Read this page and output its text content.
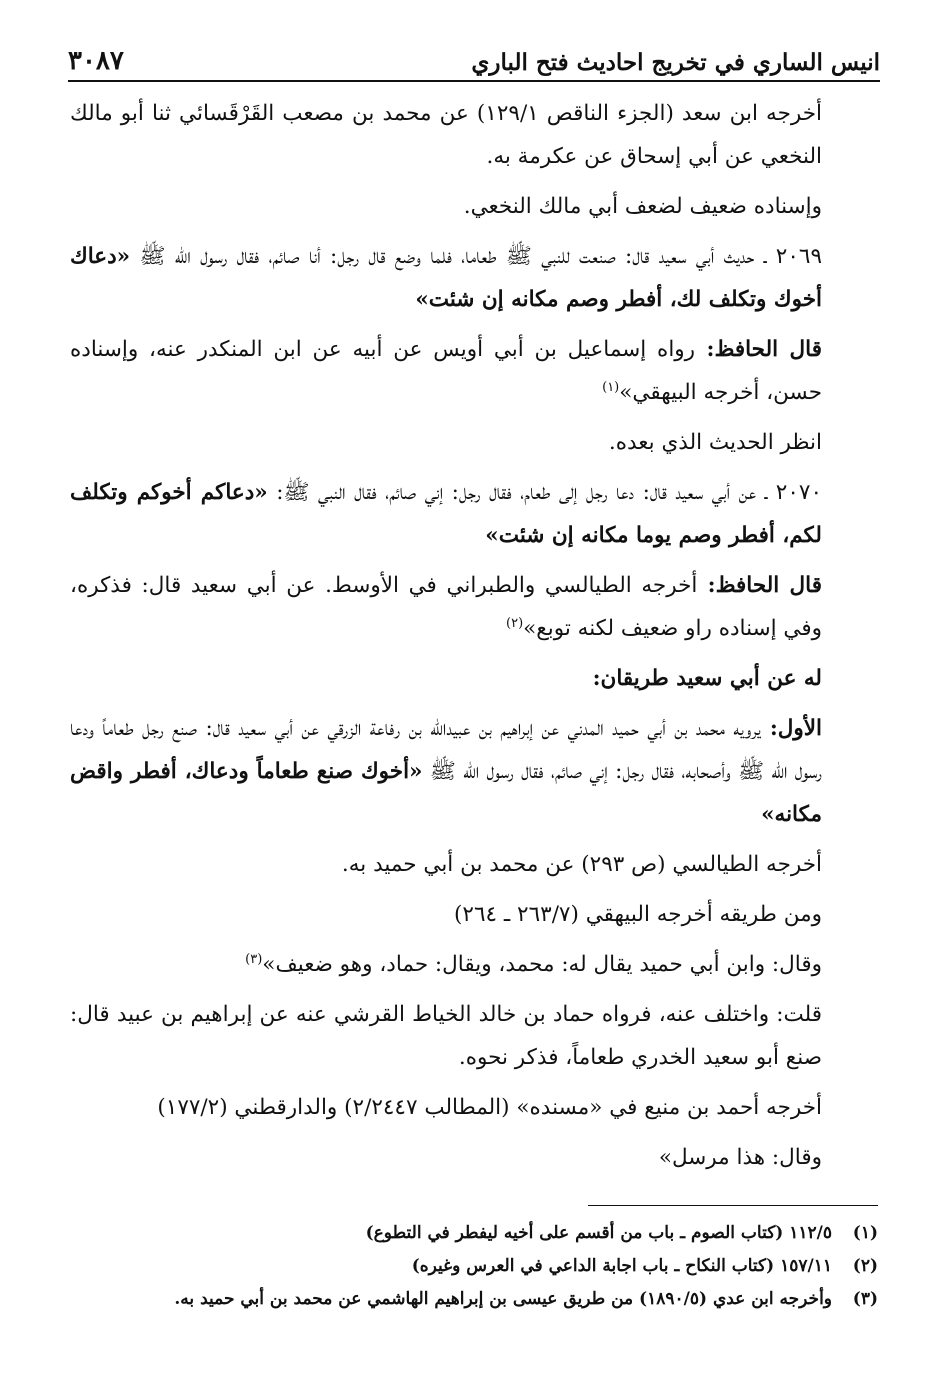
انيس الساري في تخريج احاديث فتح الباري
٣٠٨٧

أخرجه ابن سعد (الجزء الناقص ١٢٩/١) عن محمد بن مصعب القَرْقَسائي ثنا أبو مالك النخعي عن أبي إسحاق عن عكرمة به.

وإسناده ضعيف لضعف أبي مالك النخعي.

٢٠٦٩ ـ حديث أبي سعيد قال: صنعت للنبي ﷺ طعاما، فلما وضع قال رجل: أنا صائم، فقال رسول الله ﷺ «دعاك أخوك وتكلف لك، أفطر وصم مكانه إن شئت»

قال الحافظ: رواه إسماعيل بن أبي أويس عن أبيه عن ابن المنكدر عنه، وإسناده حسن، أخرجه البيهقي»$^{(١)}$

انظر الحديث الذي بعده.

٢٠٧٠ ـ عن أبي سعيد قال: دعا رجل إلى طعام، فقال رجل: إني صائم، فقال النبي ﷺ: «دعاكم أخوكم وتكلف لكم، أفطر وصم يوما مكانه إن شئت»

قال الحافظ: أخرجه الطيالسي والطبراني في الأوسط. عن أبي سعيد قال: فذكره، وفي إسناده راو ضعيف لكنه توبع»$^{(٢)}$

له عن أبي سعيد طريقان:

الأول: يرويه محمد بن أبي حميد المدني عن إبراهيم بن عبيدالله بن رفاعة الزرقي عن أبي سعيد قال: صنع رجل طعاماً ودعا رسول الله ﷺ وأصحابه، فقال رجل: إني صائم، فقال رسول الله ﷺ «أخوك صنع طعاماً ودعاك، أفطر واقض مكانه»

أخرجه الطيالسي (ص ٢٩٣) عن محمد بن أبي حميد به.

ومن طريقه أخرجه البيهقي (٢٦٣/٧ ـ ٢٦٤)

وقال: وابن أبي حميد يقال له: محمد، ويقال: حماد، وهو ضعيف»$^{(٣)}$

قلت: واختلف عنه، فرواه حماد بن خالد الخياط القرشي عنه عن إبراهيم بن عبيد قال: صنع أبو سعيد الخدري طعاماً، فذكر نحوه.

أخرجه أحمد بن منيع في «مسنده» (المطالب ٢/٢٤٤٧) والدارقطني (١٧٧/٢)

وقال: هذا مرسل»

(١)
١١٢/٥ (كتاب الصوم ـ باب من أقسم على أخيه ليفطر في التطوع)
(٢)
١٥٧/١١ (كتاب النكاح ـ باب اجابة الداعي في العرس وغيره)
(٣)
وأخرجه ابن عدي (١٨٩٠/٥) من طريق عيسى بن إبراهيم الهاشمي عن محمد بن أبي حميد به.
